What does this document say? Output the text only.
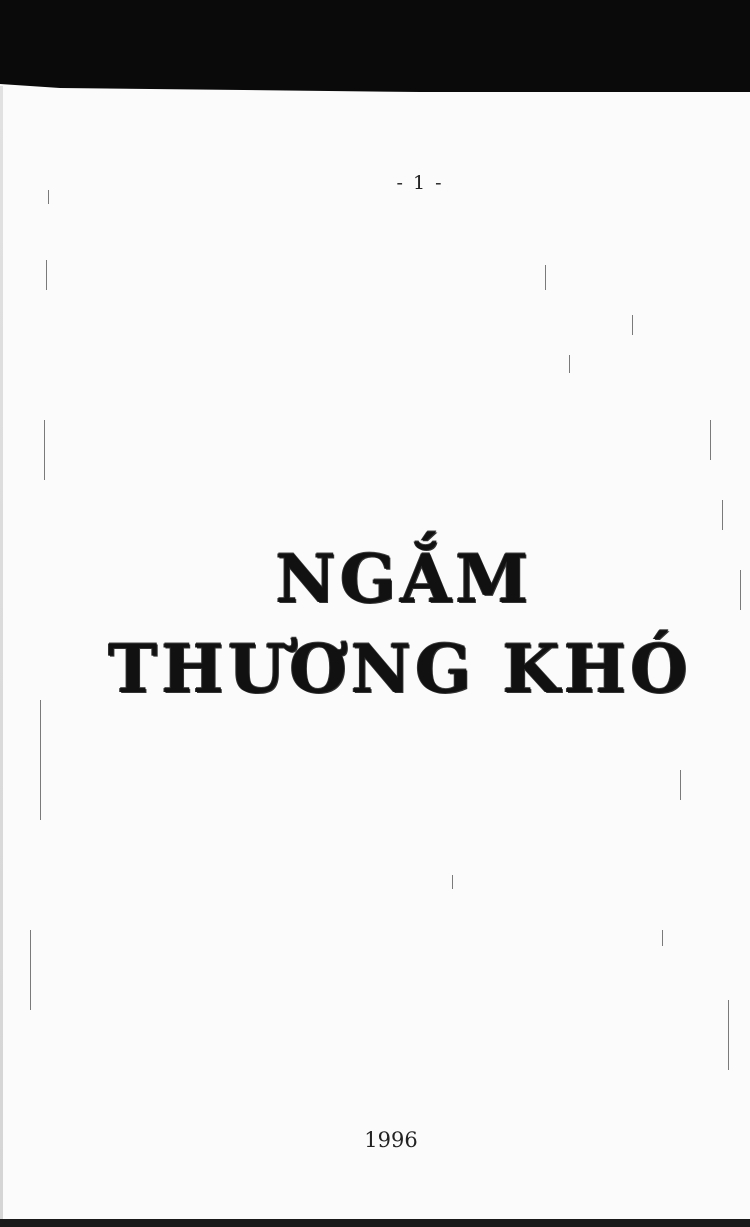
- 1 -
NGẮM
THƯƠNG KHÓ
1996
